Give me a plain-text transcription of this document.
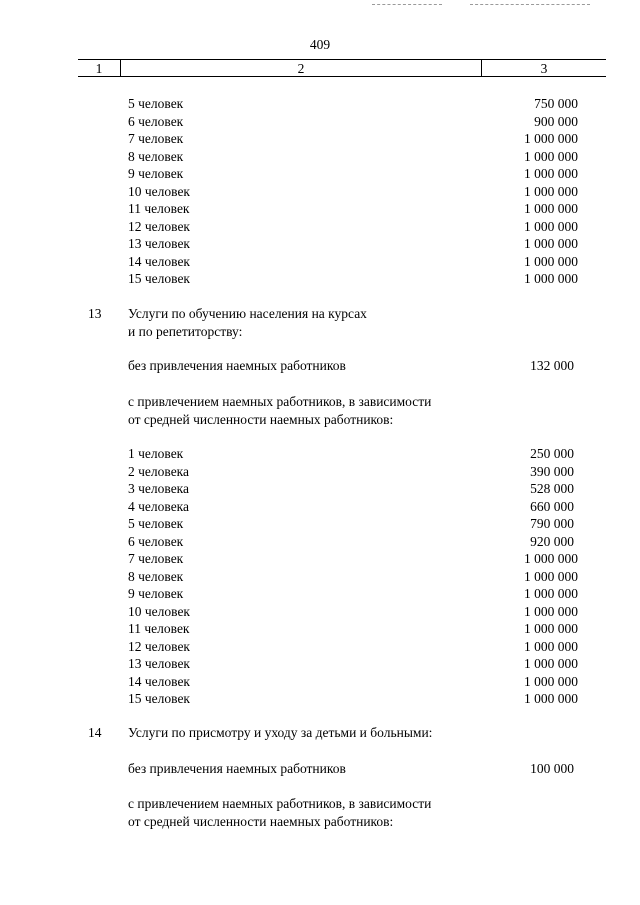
409
1	2	3
5 человек	750 000
6 человек	900 000
7 человек	1 000 000
8 человек	1 000 000
9 человек	1 000 000
10 человек	1 000 000
11 человек	1 000 000
12 человек	1 000 000
13 человек	1 000 000
14 человек	1 000 000
15 человек	1 000 000
13 Услуги по обучению населения на курсах
и по репетиторству:
без привлечения наемных работников	132 000
с привлечением наемных работников, в зависимости
от средней численности наемных работников:
1 человек	250 000
2 человека	390 000
3 человека	528 000
4 человека	660 000
5 человек	790 000
6 человек	920 000
7 человек	1 000 000
8 человек	1 000 000
9 человек	1 000 000
10 человек	1 000 000
11 человек	1 000 000
12 человек	1 000 000
13 человек	1 000 000
14 человек	1 000 000
15 человек	1 000 000
14 Услуги по присмотру и уходу за детьми и больными:
без привлечения наемных работников	100 000
с привлечением наемных работников, в зависимости
от средней численности наемных работников:
